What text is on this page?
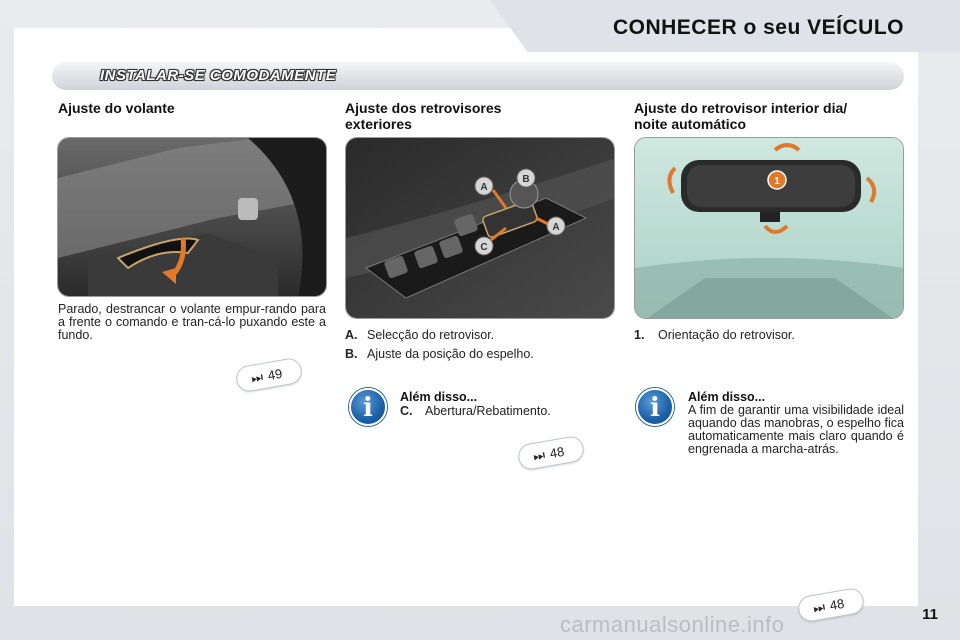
CONHECER o seu VEÍCULO
INSTALAR-SE COMODAMENTE
Ajuste do volante
Parado, destrancar o volante empur-rando para a frente o comando e tran-cá-lo puxando este a fundo.
⏭ 49
Ajuste dos retrovisores
exteriores
A
B
A
C
A. Selecção do retrovisor.
B. Ajuste da posição do espelho.
i	Além disso...
C. Abertura/Rebatimento.
⏭ 48
Ajuste do retrovisor interior dia/
noite automático
1
1. Orientação do retrovisor.
i	Além disso...
A fim de garantir uma visibilidade ideal aquando das manobras, o espelho fica automaticamente mais claro quando é engrenada a marcha-atrás.
⏭ 48
11
carmanualsonline.info
